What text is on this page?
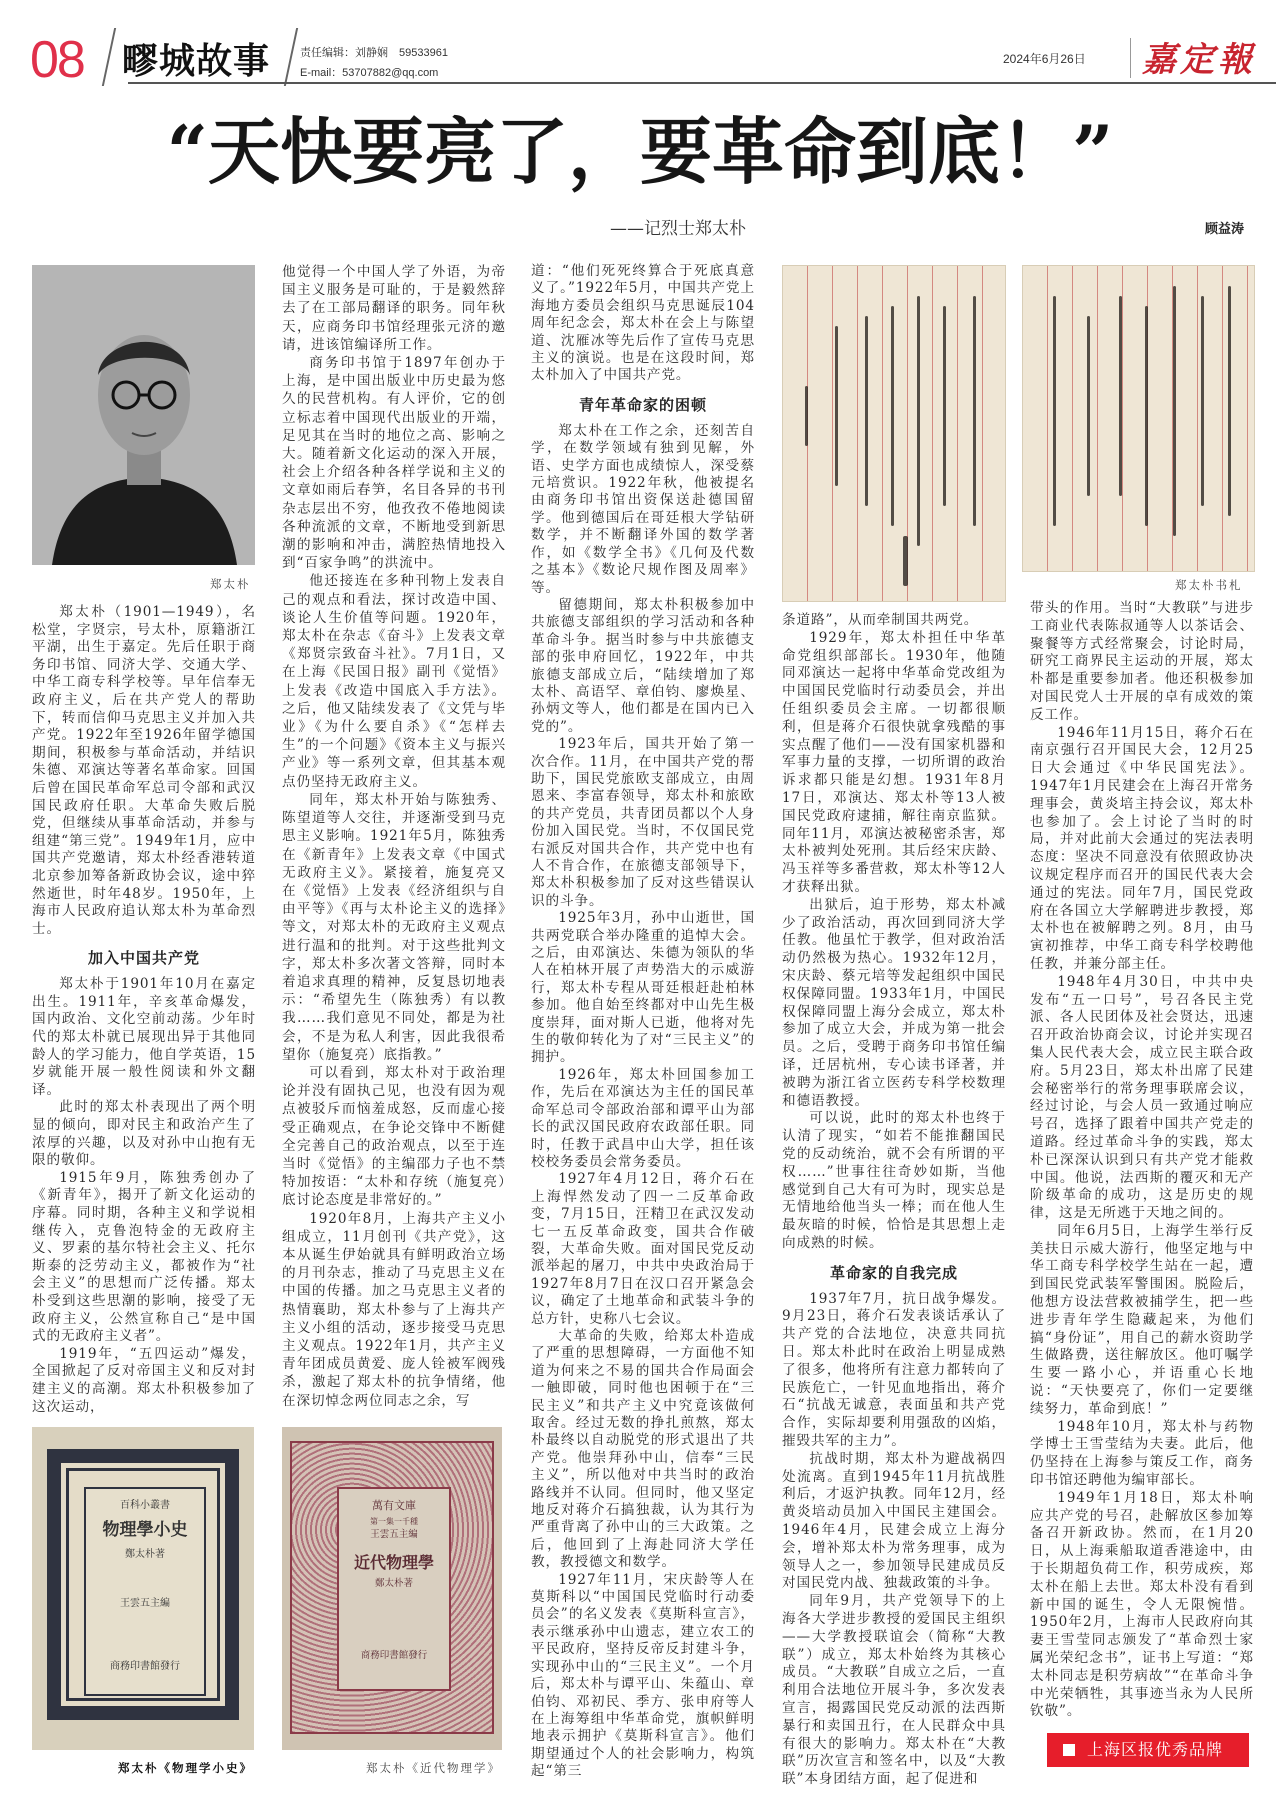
08 疁城故事	责任编辑：刘静娴　59533961
E-mail：53707882@qq.com
2024年6月26日 嘉定報
“天快要亮了，要革命到底！”
——记烈士郑太朴	顾益涛
郑太朴	郑太朴书札

郑太朴（1901—1949），名松堂，字贤宗，号太朴，原籍浙江平湖，出生于嘉定。先后任职于商务印书馆、同济大学、交通大学、中华工商专科学校等。早年信奉无政府主义，后在共产党人的帮助下，转而信仰马克思主义并加入共产党。1922年至1926年留学德国期间，积极参与革命活动，并结识朱德、邓演达等著名革命家。回国后曾在国民革命军总司令部和武汉国民政府任职。大革命失败后脱党，但继续从事革命活动，并参与组建“第三党”。1949年1月，应中国共产党邀请，郑太朴经香港转道北京参加筹备新政协会议，途中猝然逝世，时年48岁。1950年，上海市人民政府追认郑太朴为革命烈士。

加入中国共产党

郑太朴于1901年10月在嘉定出生。1911年，辛亥革命爆发，国内政治、文化空前动荡。少年时代的郑太朴就已展现出异于其他同龄人的学习能力，他自学英语，15岁就能开展一般性阅读和外文翻译。

此时的郑太朴表现出了两个明显的倾向，即对民主和政治产生了浓厚的兴趣，以及对孙中山抱有无限的敬仰。

1915年9月，陈独秀创办了《新青年》，揭开了新文化运动的序幕。同时期，各种主义和学说相继传入，克鲁泡特金的无政府主义、罗素的基尔特社会主义、托尔斯泰的泛劳动主义，都被作为“社会主义”的思想而广泛传播。郑太朴受到这些思潮的影响，接受了无政府主义，公然宣称自己“是中国式的无政府主义者”。

1919年，“五四运动”爆发，全国掀起了反对帝国主义和反对封建主义的高潮。郑太朴积极参加了这次运动，

他觉得一个中国人学了外语，为帝国主义服务是可耻的，于是毅然辞去了在工部局翻译的职务。同年秋天，应商务印书馆经理张元济的邀请，进该馆编译所工作。

商务印书馆于1897年创办于上海，是中国出版业中历史最为悠久的民营机构。有人评价，它的创立标志着中国现代出版业的开端，足见其在当时的地位之高、影响之大。随着新文化运动的深入开展，社会上介绍各种各样学说和主义的文章如雨后春笋，名目各异的书刊杂志层出不穷，他孜孜不倦地阅读各种流派的文章，不断地受到新思潮的影响和冲击，满腔热情地投入到“百家争鸣”的洪流中。

他还接连在多种刊物上发表自己的观点和看法，探讨改造中国、谈论人生价值等问题。1920年，郑太朴在杂志《奋斗》上发表文章《郑贤宗致奋斗社》。7月1日，又在上海《民国日报》副刊《觉悟》上发表《改造中国底入手方法》。之后，他又陆续发表了《文凭与毕业》《为什么要自杀》《“怎样去生”的一个问题》《资本主义与振兴产业》等一系列文章，但其基本观点仍坚持无政府主义。

同年，郑太朴开始与陈独秀、陈望道等人交往，并逐渐受到马克思主义影响。1921年5月，陈独秀在《新青年》上发表文章《中国式无政府主义》。紧接着，施复亮又在《觉悟》上发表《经济组织与自由平等》《再与太朴论主义的选择》等文，对郑太朴的无政府主义观点进行温和的批判。对于这些批判文字，郑太朴多次著文答辩，同时本着追求真理的精神，反复恳切地表示：“希望先生（陈独秀）有以教我……我们意见不同处，都是为社会，不是为私人利害，因此我很希望你（施复亮）底指教。”

可以看到，郑太朴对于政治理论并没有固执己见，也没有因为观点被驳斥而恼羞成怒，反而虚心接受正确观点，在争论交锋中不断健全完善自己的政治观点，以至于连当时《觉悟》的主编邵力子也不禁特加按语：“太朴和存统（施复亮）底讨论态度是非常好的。”

1920年8月，上海共产主义小组成立，11月创刊《共产党》，这本从诞生伊始就具有鲜明政治立场的月刊杂志，推动了马克思主义在中国的传播。加之马克思主义者的热情襄助，郑太朴参与了上海共产主义小组的活动，逐步接受马克思主义观点。1922年1月，共产主义青年团成员黄爱、庞人铨被军阀残杀，激起了郑太朴的抗争情绪，他在深切悼念两位同志之余，写

道：“他们死死终算合于死底真意义了。”1922年5月，中国共产党上海地方委员会组织马克思诞辰104周年纪念会，郑太朴在会上与陈望道、沈雁冰等先后作了宣传马克思主义的演说。也是在这段时间，郑太朴加入了中国共产党。

青年革命家的困顿

郑太朴在工作之余，还刻苦自学，在数学领域有独到见解，外语、史学方面也成绩惊人，深受蔡元培赏识。1922年秋，他被提名由商务印书馆出资保送赴德国留学。他到德国后在哥廷根大学钻研数学，并不断翻译外国的数学著作，如《数学全书》《几何及代数之基本》《数论尺规作图及周率》等。

留德期间，郑太朴积极参加中共旅德支部组织的学习活动和各种革命斗争。据当时参与中共旅德支部的张申府回忆，1922年，中共旅德支部成立后，“陆续增加了郑太朴、高语罕、章伯钧、廖焕星、孙炳文等人，他们都是在国内已入党的”。

1923年后，国共开始了第一次合作。11月，在中国共产党的帮助下，国民党旅欧支部成立，由周恩来、李富春领导，郑太朴和旅欧的共产党员，共青团员都以个人身份加入国民党。当时，不仅国民党右派反对国共合作，共产党中也有人不肯合作，在旅德支部领导下，郑太朴积极参加了反对这些错误认识的斗争。

1925年3月，孙中山逝世，国共两党联合举办隆重的追悼大会。之后，由邓演达、朱德为领队的华人在柏林开展了声势浩大的示威游行，郑太朴专程从哥廷根赶赴柏林参加。他自始至终都对中山先生极度崇拜，面对斯人已逝，他将对先生的敬仰转化为了对“三民主义”的拥护。

1926年，郑太朴回国参加工作，先后在邓演达为主任的国民革命军总司令部政治部和谭平山为部长的武汉国民政府农政部任职。同时，任教于武昌中山大学，担任该校校务委员会常务委员。

1927年4月12日，蒋介石在上海悍然发动了四一二反革命政变，7月15日，汪精卫在武汉发动七一五反革命政变，国共合作破裂，大革命失败。面对国民党反动派举起的屠刀，中共中央政治局于1927年8月7日在汉口召开紧急会议，确定了土地革命和武装斗争的总方针，史称八七会议。

大革命的失败，给郑太朴造成了严重的思想障碍，一方面他不知道为何来之不易的国共合作局面会一触即破，同时他也困顿于在“三民主义”和共产主义中究竟该做何取舍。经过无数的挣扎煎熬，郑太朴最终以自动脱党的形式退出了共产党。他崇拜孙中山，信奉“三民主义”，所以他对中共当时的政治路线并不认同。但同时，他又坚定地反对蒋介石搞独裁，认为其行为严重背离了孙中山的三大政策。之后，他回到了上海赴同济大学任教，教授德文和数学。

1927年11月，宋庆龄等人在莫斯科以“中国国民党临时行动委员会”的名义发表《莫斯科宣言》，表示继承孙中山遗志，建立农工的平民政府，坚持反帝反封建斗争，实现孙中山的“三民主义”。一个月后，郑太朴与谭平山、朱蕴山、章伯钧、邓初民、季方、张申府等人在上海筹组中华革命党，旗帜鲜明地表示拥护《莫斯科宣言》。他们期望通过个人的社会影响力，构筑起“第三

条道路”，从而牵制国共两党。

1929年，郑太朴担任中华革命党组织部部长。1930年，他随同邓演达一起将中华革命党改组为中国国民党临时行动委员会，并出任组织委员会主席。一切都很顺利，但是蒋介石很快就拿残酷的事实点醒了他们——没有国家机器和军事力量的支撑，一切所谓的政治诉求都只能是幻想。1931年8月17日，邓演达、郑太朴等13人被国民党政府逮捕，解往南京监狱。同年11月，邓演达被秘密杀害，郑太朴被判处死刑。其后经宋庆龄、冯玉祥等多番营救，郑太朴等12人才获释出狱。

出狱后，迫于形势，郑太朴减少了政治活动，再次回到同济大学任教。他虽忙于教学，但对政治活动仍然极为热心。1932年12月，宋庆龄、蔡元培等发起组织中国民权保障同盟。1933年1月，中国民权保障同盟上海分会成立，郑太朴参加了成立大会，并成为第一批会员。之后，受聘于商务印书馆任编译，迁居杭州，专心读书译著，并被聘为浙江省立医药专科学校数理和德语教授。

可以说，此时的郑太朴也终于认清了现实，“如若不能推翻国民党的反动统治，就不会有所谓的平权……”世事往往奇妙如斯，当他感觉到自己大有可为时，现实总是无情地给他当头一棒；而在他人生最灰暗的时候，恰恰是其思想上走向成熟的时候。

革命家的自我完成

1937年7月，抗日战争爆发。9月23日，蒋介石发表谈话承认了共产党的合法地位，决意共同抗日。郑太朴此时在政治上明显成熟了很多，他将所有注意力都转向了民族危亡，一针见血地指出，蒋介石“抗战无诚意，表面虽和共产党合作，实际却要利用强敌的凶焰，摧毁共军的主力”。

抗战时期，郑太朴为避战祸四处流离。直到1945年11月抗战胜利后，才返沪执教。同年12月，经黄炎培动员加入中国民主建国会。1946年4月，民建会成立上海分会，增补郑太朴为常务理事，成为领导人之一，参加领导民建成员反对国民党内战、独裁政策的斗争。

同年9月，共产党领导下的上海各大学进步教授的爱国民主组织——大学教授联谊会（简称“大教联”）成立，郑太朴始终为其核心成员。“大教联”自成立之后，一直利用合法地位开展斗争，多次发表宣言，揭露国民党反动派的法西斯暴行和卖国丑行，在人民群众中具有很大的影响力。郑太朴在“大教联”历次宣言和签名中，以及“大教联”本身团结方面，起了促进和

带头的作用。当时“大教联”与进步工商业代表陈叔通等人以茶话会、聚餐等方式经常聚会，讨论时局，研究工商界民主运动的开展，郑太朴都是重要参加者。他还积极参加对国民党人士开展的卓有成效的策反工作。

1946年11月15日，蒋介石在南京强行召开国民大会，12月25日大会通过《中华民国宪法》。1947年1月民建会在上海召开常务理事会，黄炎培主持会议，郑太朴也参加了。会上讨论了当时的时局，并对此前大会通过的宪法表明态度：坚决不同意没有依照政协决议规定程序而召开的国民代表大会通过的宪法。同年7月，国民党政府在各国立大学解聘进步教授，郑太朴也在被解聘之列。8月，由马寅初推荐，中华工商专科学校聘他任教，并兼分部主任。

1948年4月30日，中共中央发布“五一口号”，号召各民主党派、各人民团体及社会贤达，迅速召开政治协商会议，讨论并实现召集人民代表大会，成立民主联合政府。5月23日，郑太朴出席了民建会秘密举行的常务理事联席会议，经过讨论，与会人员一致通过响应号召，选择了跟着中国共产党走的道路。经过革命斗争的实践，郑太朴已深深认识到只有共产党才能救中国。他说，法西斯的覆灭和无产阶级革命的成功，这是历史的规律，这是无所逃于天地之间的。

同年6月5日，上海学生举行反美扶日示威大游行，他坚定地与中华工商专科学校学生站在一起，遭到国民党武装军警围困。脱险后，他想方设法营救被捕学生，把一些进步青年学生隐藏起来，为他们搞“身份证”，用自己的薪水资助学生做路费，送往解放区。他叮嘱学生要一路小心，并语重心长地说：“天快要亮了，你们一定要继续努力，革命到底！”

1948年10月，郑太朴与药物学博士王雪莹结为夫妻。此后，他仍坚持在上海参与策反工作，商务印书馆还聘他为编审部长。

1949年1月18日，郑太朴响应共产党的号召，赴解放区参加筹备召开新政协。然而，在1月20日，从上海乘船取道香港途中，由于长期超负荷工作，积劳成疾，郑太朴在船上去世。郑太朴没有看到新中国的诞生，令人无限惋惜。1950年2月，上海市人民政府向其妻王雪莹同志颁发了“革命烈士家属光荣纪念书”，证书上写道：“郑太朴同志是积劳病故”“在革命斗争中光荣牺牲，其事迹当永为人民所钦敬”。

百科小叢書
物理學小史
鄭太朴著
王雲五主編
商務印書館發行
郑太朴《物理学小史》
萬有文庫
第一集一千種
王雲五主編
近代物理學
鄭太朴著
商務印書館發行
郑太朴《近代物理学》
上海区报优秀品牌
